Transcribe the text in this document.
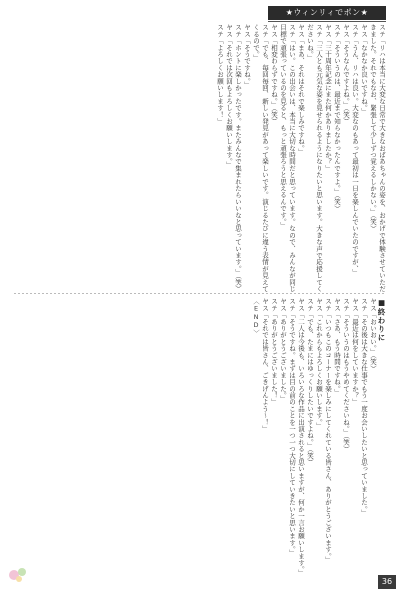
★ウィンリィでポン★

ステ「リハは本当に大変な日常で大きなおばあちゃんの姿を、おかげで体験させていただきました。それでもなお、緊張して少しずつ覚えるしかない。」（笑）

ヤス「なかなか良いですね。」

ステ「うん、リハは良い。大変なのもあって最初は一日を楽しんでいたのですが、」

ヤス「そうなんですよね。」（笑）

ステ「そういうのは、最近まで知らなかったんですよ。」（笑）

ヤス「三十周年記念にまた何かありましたか？」

ステ「三人とも元気な姿を見せられるようになりたいと思います。大きな声で応援してくださいね。」

ヤス「まあ、それはそれで楽しみですね。」

ステ「はい。この出会いは、本当に大切な時間だと思っています。なので、みんなが同じ目標で頑張っているのを見ると、もっと頑張ろうと思えるんです。」

ヤス「相変わらずですね。」（笑）

ステ「でも、毎回毎回、新しい発見があって楽しいです。演じるたびに違う表情が見えてくるので。」

ヤス「そうですね。」

ステ「ホントに楽しかったです。またみんなで集まれたらいいなと思っています。」（笑）

ヤス「それでは次回もよろしくお願いします。」

ステ「よろしくお願いします！」

■終わりに

ヤス「おいおい。」（笑）

ステ「その後は大きな仕事でもう一度お会いしたいと思っていました。」

ヤス「最近は何をしていますか？」

ステ「そういうのはもうやめてくださいね。」（笑）

ヤス「さあ、もう時間ですね。」

ステ「いつもこのコーナーを楽しみにしてくれている皆さん、ありがとうございます。」

ヤス「これからもよろしくお願いします。」

ステ「でも、たまにはゆっくりしたいですよね。」（笑）

ヤス「二人は今後も、いろいろな作品に出演されると思いますが、何か一言お願いします。」

ステ「そうですね。まずは目の前のことを一つ一つ大切にしていきたいと思います。」

ヤス「ありがとうございました。」

ステ「ありがとうございました！」

ヤス「それでは皆さん、ごきげんよう～！」

〈END〉

36
